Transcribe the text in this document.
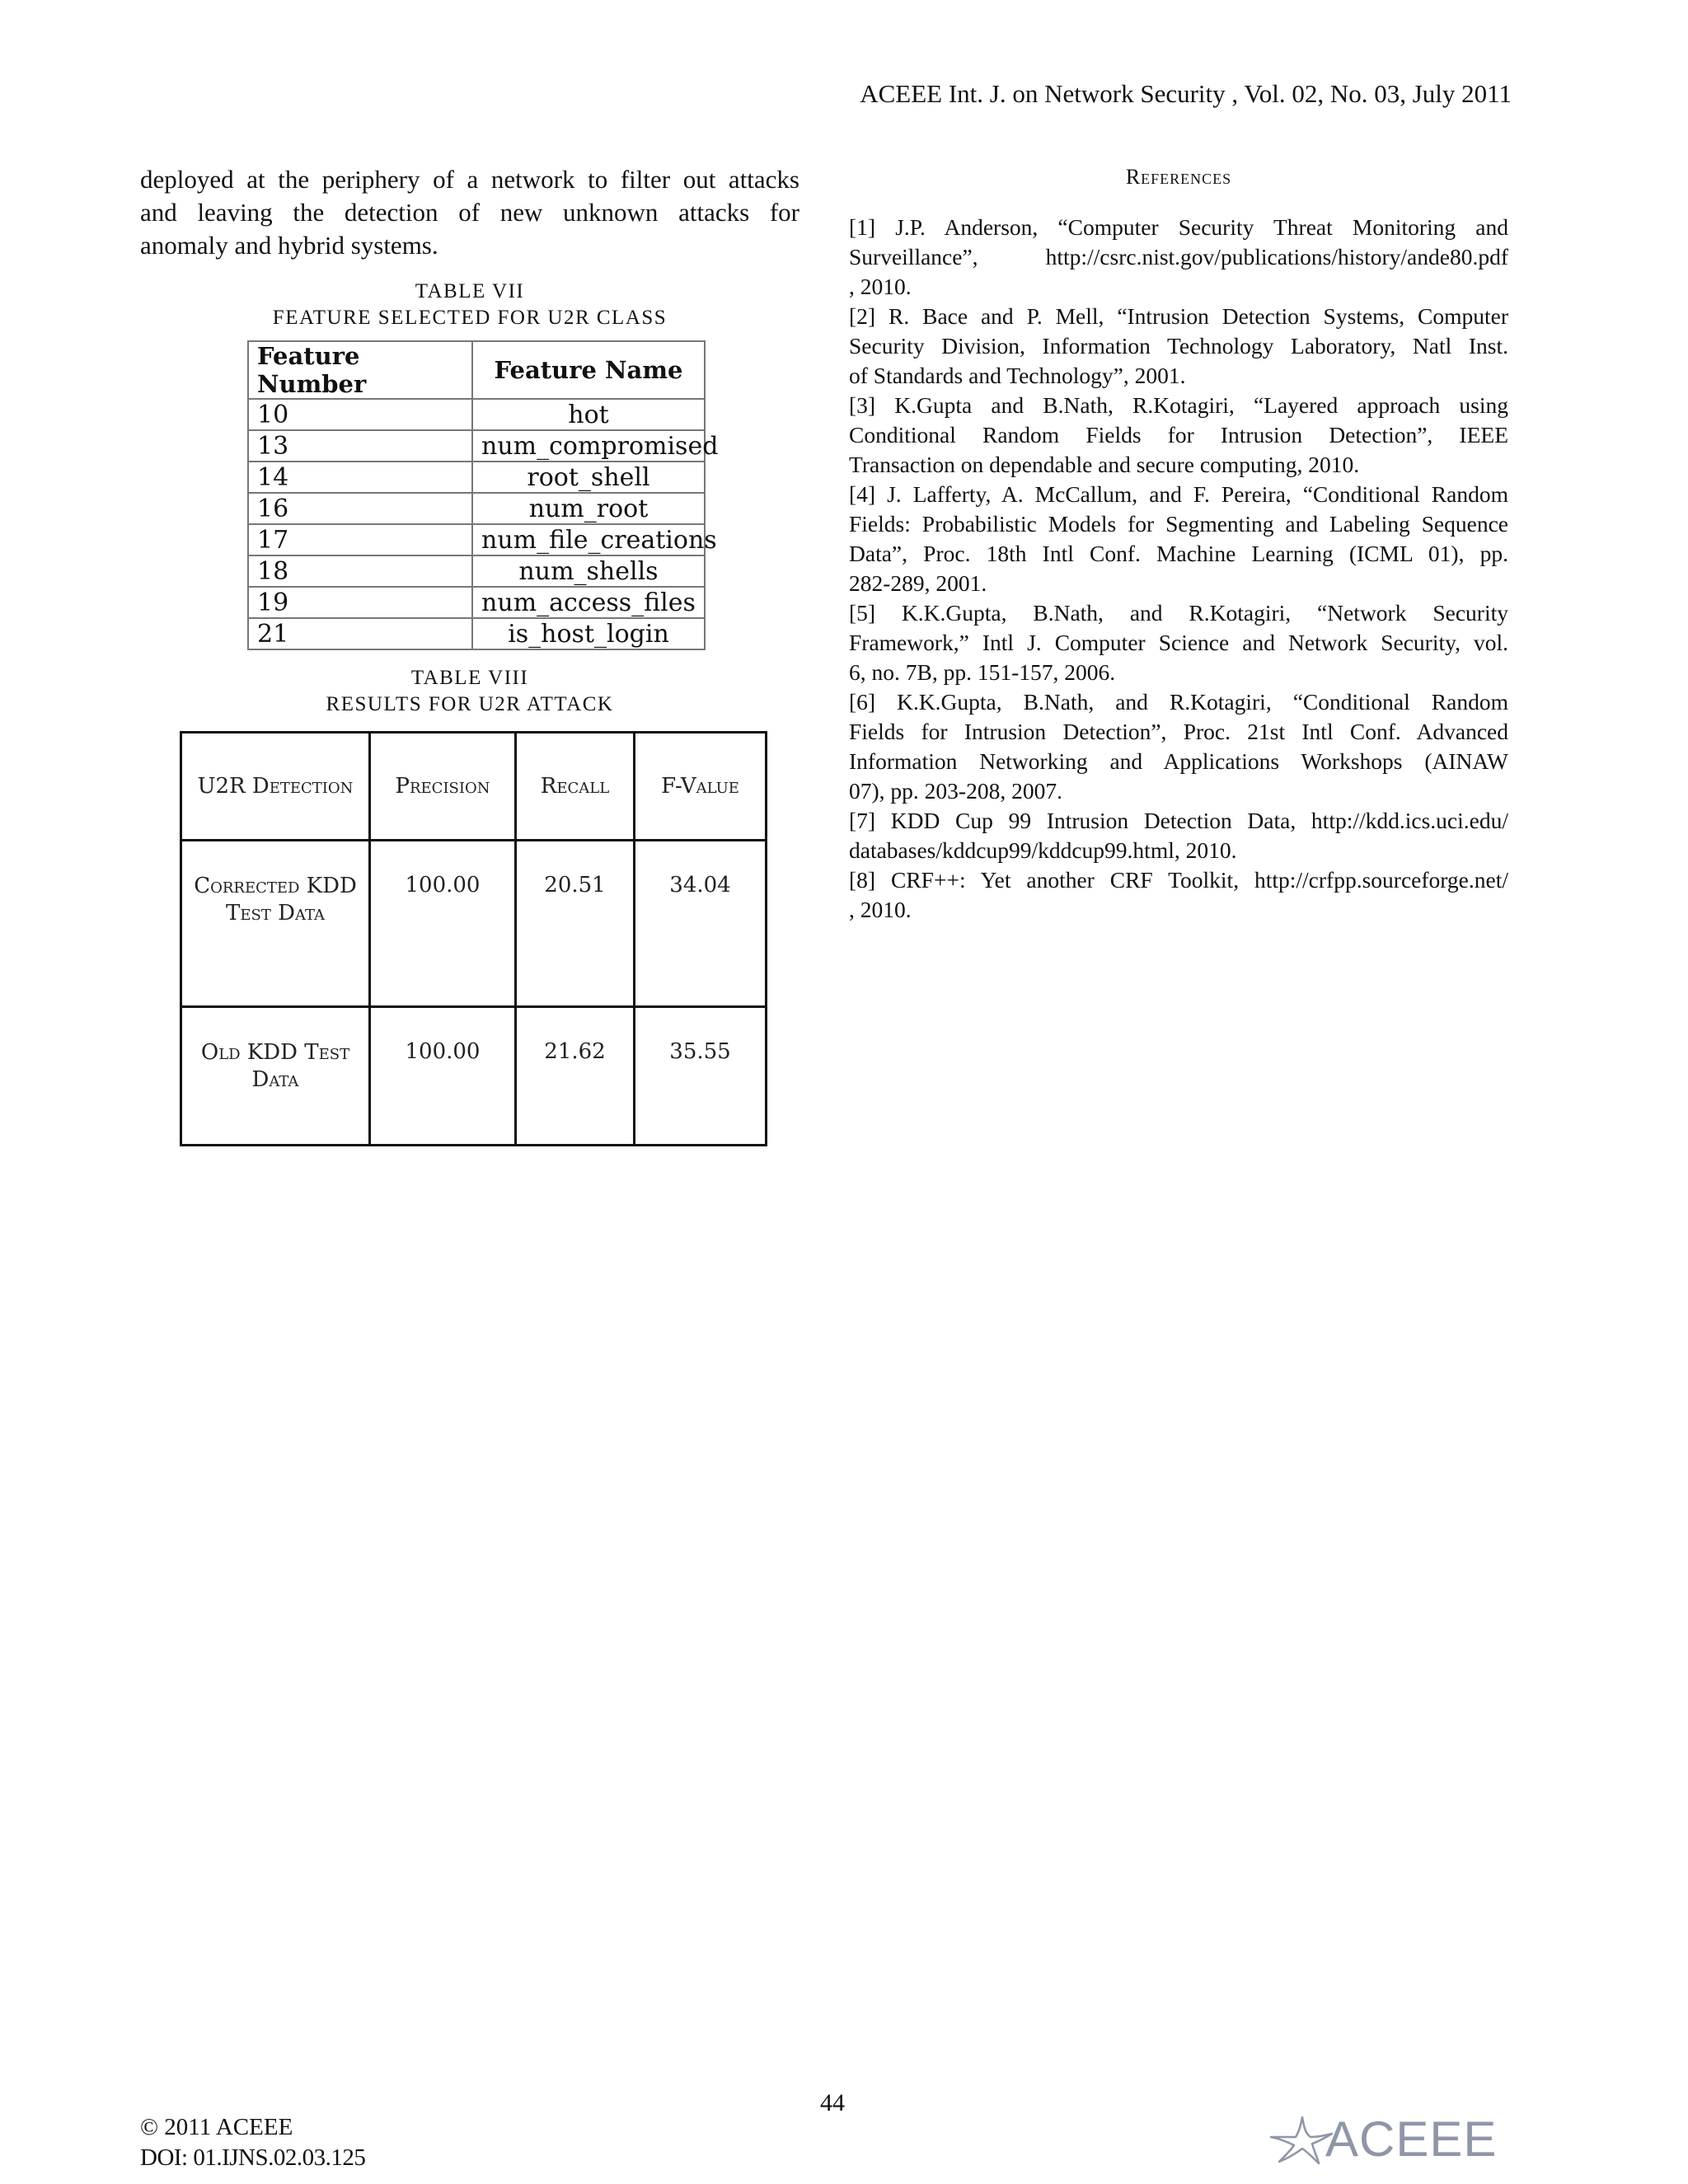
ACEEE Int. J. on Network Security , Vol. 02, No. 03, July 2011
deployed at the periphery of a network to filter out attacks
and leaving the detection of new unknown attacks for
anomaly and hybrid systems.
TABLE VII
FEATURE SELECTED FOR U2R CLASS
Feature Number	Feature Name
10	hot
13	num_compromised
14	root_shell
16	num_root
17	num_file_creations
18	num_shells
19	num_access_files
21	is_host_login
TABLE VIII
RESULTS FOR U2R ATTACK
U2R Detection	Precision	Recall	F-Value
Corrected KDD Test Data	100.00	20.51	34.04
Old KDD Test Data	100.00	21.62	35.55
References
[1] J.P. Anderson, “Computer Security Threat Monitoring and
Surveillance”, http://csrc.nist.gov/publications/history/ande80.pdf
, 2010.
[2] R. Bace and P. Mell, “Intrusion Detection Systems, Computer
Security Division, Information Technology Laboratory, Natl Inst.
of Standards and Technology”, 2001.
[3] K.Gupta and B.Nath, R.Kotagiri, “Layered approach using
Conditional Random Fields for Intrusion Detection”, IEEE
Transaction on dependable and secure computing, 2010.
[4] J. Lafferty, A. McCallum, and F. Pereira, “Conditional Random
Fields: Probabilistic Models for Segmenting and Labeling Sequence
Data”, Proc. 18th Intl Conf. Machine Learning (ICML 01), pp.
282-289, 2001.
[5] K.K.Gupta, B.Nath, and R.Kotagiri, “Network Security
Framework,” Intl J. Computer Science and Network Security, vol.
6, no. 7B, pp. 151-157, 2006.
[6] K.K.Gupta, B.Nath, and R.Kotagiri, “Conditional Random
Fields for Intrusion Detection”, Proc. 21st Intl Conf. Advanced
Information Networking and Applications Workshops (AINAW
07), pp. 203-208, 2007.
[7] KDD Cup 99 Intrusion Detection Data, http://kdd.ics.uci.edu/
databases/kddcup99/kddcup99.html, 2010.
[8] CRF++: Yet another CRF Toolkit, http://crfpp.sourceforge.net/
, 2010.
44
© 2011 ACEEE
DOI: 01.IJNS.02.03.125	ACEEE
